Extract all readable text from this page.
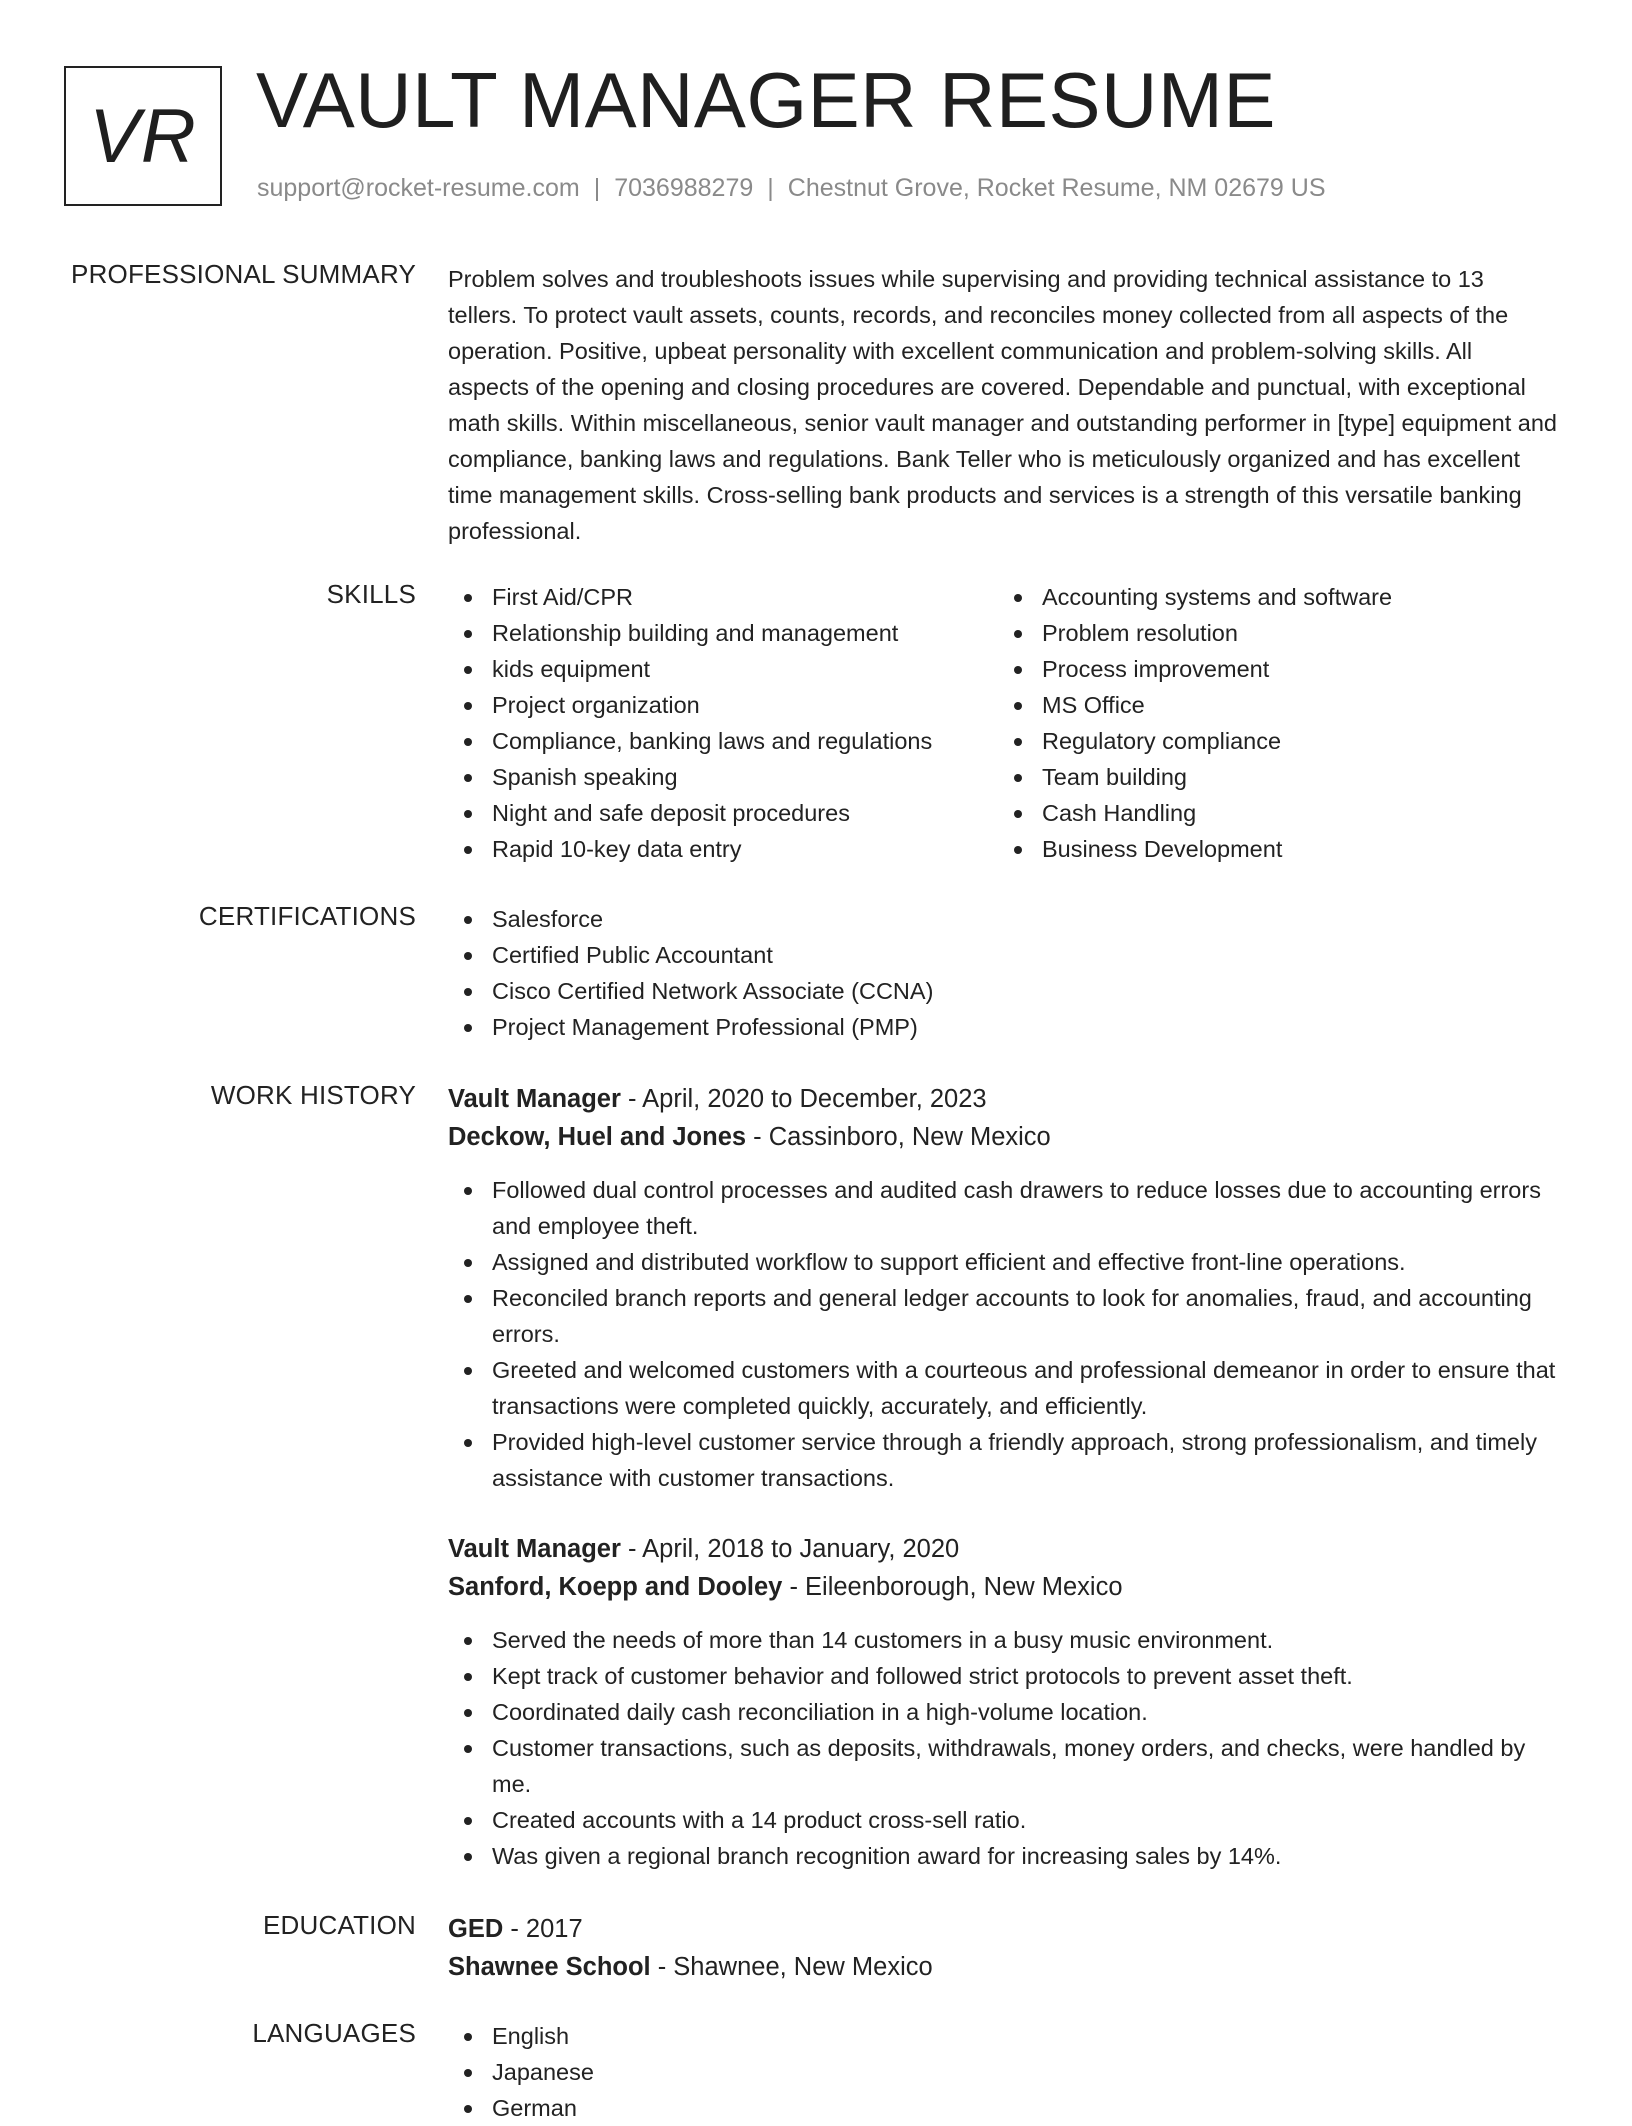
VR VAULT MANAGER RESUME
support@rocket-resume.com | 7036988279 | Chestnut Grove, Rocket Resume, NM 02679 US
PROFESSIONAL SUMMARY Problem solves and troubleshoots issues while supervising and providing technical assistance to 13 tellers. To protect vault assets, counts, records, and reconciles money collected from all aspects of the operation. Positive, upbeat personality with excellent communication and problem-solving skills. All aspects of the opening and closing procedures are covered. Dependable and punctual, with exceptional math skills. Within miscellaneous, senior vault manager and outstanding performer in [type] equipment and compliance, banking laws and regulations. Bank Teller who is meticulously organized and has excellent time management skills. Cross-selling bank products and services is a strength of this versatile banking professional.
SKILLS	First Aid/CPR
Relationship building and management
kids equipment
Project organization
Compliance, banking laws and regulations
Spanish speaking
Night and safe deposit procedures
Rapid 10-key data entry
Accounting systems and software
Problem resolution
Process improvement
MS Office
Regulatory compliance
Team building
Cash Handling
Business Development
CERTIFICATIONS	Salesforce
Certified Public Accountant
Cisco Certified Network Associate (CCNA)
Project Management Professional (PMP)
WORK HISTORY Vault Manager - April, 2020 to December, 2023
Deckow, Huel and Jones - Cassinboro, New Mexico
Followed dual control processes and audited cash drawers to reduce losses due to accounting errors and employee theft.
Assigned and distributed workflow to support efficient and effective front-line operations.
Reconciled branch reports and general ledger accounts to look for anomalies, fraud, and accounting errors.
Greeted and welcomed customers with a courteous and professional demeanor in order to ensure that transactions were completed quickly, accurately, and efficiently.
Provided high-level customer service through a friendly approach, strong professionalism, and timely assistance with customer transactions.
Vault Manager - April, 2018 to January, 2020
Sanford, Koepp and Dooley - Eileenborough, New Mexico
Served the needs of more than 14 customers in a busy music environment.
Kept track of customer behavior and followed strict protocols to prevent asset theft.
Coordinated daily cash reconciliation in a high-volume location.
Customer transactions, such as deposits, withdrawals, money orders, and checks, were handled by me.
Created accounts with a 14 product cross-sell ratio.
Was given a regional branch recognition award for increasing sales by 14%.
EDUCATION GED - 2017
Shawnee School - Shawnee, New Mexico
LANGUAGES	English
Japanese
German
